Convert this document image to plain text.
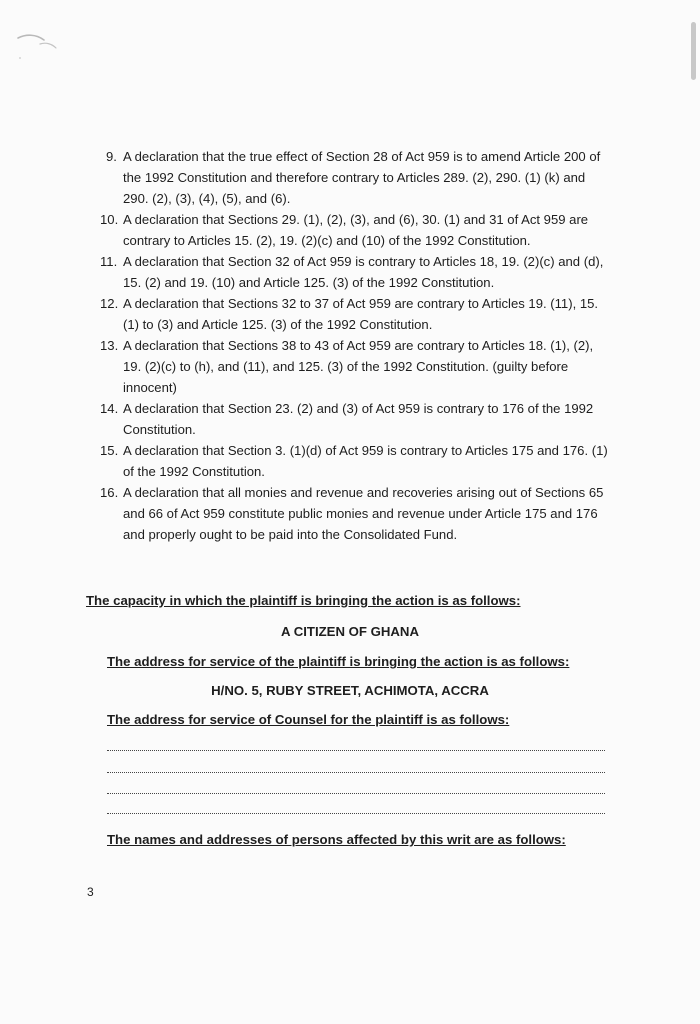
9. A declaration that the true effect of Section 28 of Act 959 is to amend Article 200 of the 1992 Constitution and therefore contrary to Articles 289. (2), 290. (1) (k) and 290. (2), (3), (4), (5), and (6).
10. A declaration that Sections 29. (1), (2), (3), and (6), 30. (1) and 31 of Act 959 are contrary to Articles 15. (2), 19. (2)(c) and (10) of the 1992 Constitution.
11. A declaration that Section 32 of Act 959 is contrary to Articles 18, 19. (2)(c) and (d), 15. (2) and 19. (10) and Article 125. (3) of the 1992 Constitution.
12. A declaration that Sections 32 to 37 of Act 959 are contrary to Articles 19. (11), 15. (1) to (3) and Article 125. (3) of the 1992 Constitution.
13. A declaration that Sections 38 to 43 of Act 959 are contrary to Articles 18. (1), (2), 19. (2)(c) to (h), and (11), and 125. (3) of the 1992 Constitution. (guilty before innocent)
14. A declaration that Section 23. (2) and (3) of Act 959 is contrary to 176 of the 1992 Constitution.
15. A declaration that Section 3. (1)(d) of Act 959 is contrary to Articles 175 and 176. (1) of the 1992 Constitution.
16. A declaration that all monies and revenue and recoveries arising out of Sections 65 and 66 of Act 959 constitute public monies and revenue under Article 175 and 176 and properly ought to be paid into the Consolidated Fund.
The capacity in which the plaintiff is bringing the action is as follows:
A CITIZEN OF GHANA
The address for service of the plaintiff is bringing the action is as follows:
H/NO. 5, RUBY STREET, ACHIMOTA, ACCRA
The address for service of Counsel for the plaintiff is as follows:
The names and addresses of persons affected by this writ are as follows:
3
